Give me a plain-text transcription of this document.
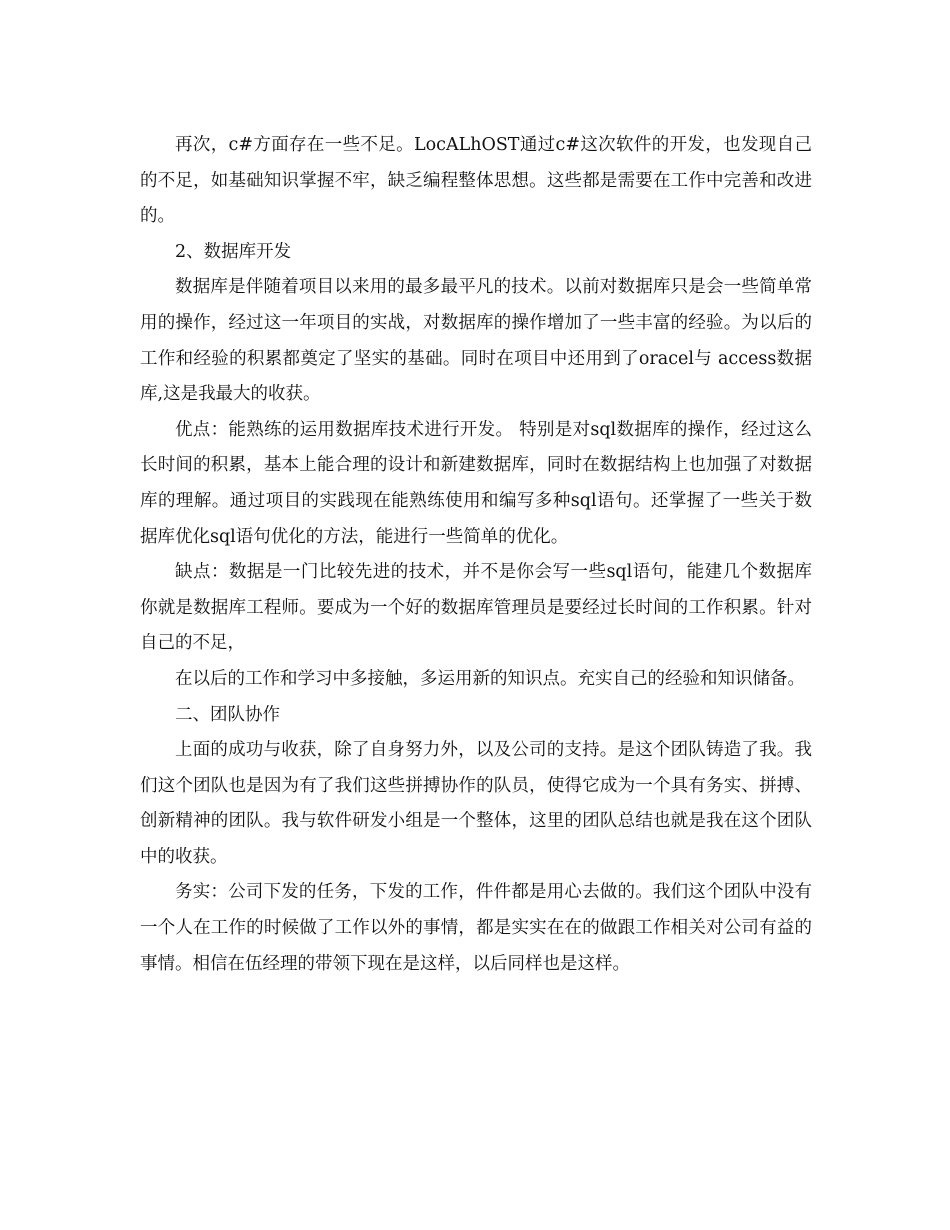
再次，c#方面存在一些不足。LocALhOST通过c#这次软件的开发，也发现自己的不足，如基础知识掌握不牢，缺乏编程整体思想。这些都是需要在工作中完善和改进的。

2、数据库开发

数据库是伴随着项目以来用的最多最平凡的技术。以前对数据库只是会一些简单常用的操作，经过这一年项目的实战，对数据库的操作增加了一些丰富的经验。为以后的工作和经验的积累都奠定了坚实的基础。同时在项目中还用到了oracel与 access数据库,这是我最大的收获。

优点：能熟练的运用数据库技术进行开发。 特别是对sql数据库的操作，经过这么长时间的积累，基本上能合理的设计和新建数据库，同时在数据结构上也加强了对数据库的理解。通过项目的实践现在能熟练使用和编写多种sql语句。还掌握了一些关于数据库优化sql语句优化的方法，能进行一些简单的优化。

缺点：数据是一门比较先进的技术，并不是你会写一些sql语句，能建几个数据库你就是数据库工程师。要成为一个好的数据库管理员是要经过长时间的工作积累。针对自己的不足，

在以后的工作和学习中多接触，多运用新的知识点。充实自己的经验和知识储备。

二、团队协作

上面的成功与收获，除了自身努力外，以及公司的支持。是这个团队铸造了我。我们这个团队也是因为有了我们这些拼搏协作的队员，使得它成为一个具有务实、拼搏、创新精神的团队。我与软件研发小组是一个整体，这里的团队总结也就是我在这个团队中的收获。

务实：公司下发的任务，下发的工作，件件都是用心去做的。我们这个团队中没有一个人在工作的时候做了工作以外的事情，都是实实在在的做跟工作相关对公司有益的事情。相信在伍经理的带领下现在是这样，以后同样也是这样。
